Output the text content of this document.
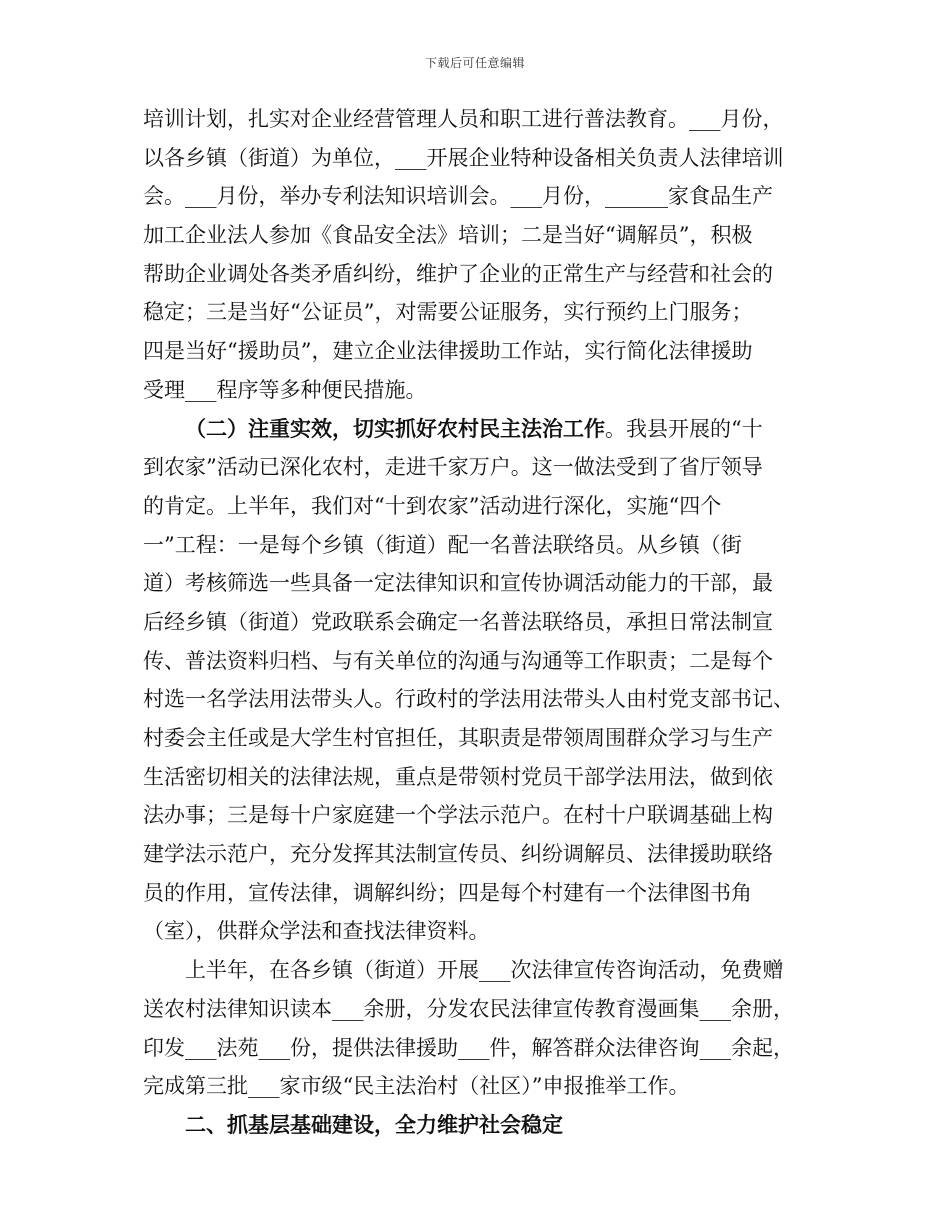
下载后可任意编辑
培训计划，扎实对企业经营管理人员和职工进行普法教育。___月份，
以各乡镇（街道）为单位，___开展企业特种设备相关负责人法律培训
会。___月份，举办专利法知识培训会。___月份，______家食品生产
加工企业法人参加《食品安全法》培训；二是当好“调解员”，积极
帮助企业调处各类矛盾纠纷，维护了企业的正常生产与经营和社会的
稳定；三是当好“公证员”，对需要公证服务，实行预约上门服务；
四是当好“援助员”，建立企业法律援助工作站，实行简化法律援助
受理___程序等多种便民措施。
（二）注重实效，切实抓好农村民主法治工作。我县开展的“十
到农家”活动已深化农村，走进千家万户。这一做法受到了省厅领导
的肯定。上半年，我们对“十到农家”活动进行深化，实施“四个
一”工程：一是每个乡镇（街道）配一名普法联络员。从乡镇（街
道）考核筛选一些具备一定法律知识和宣传协调活动能力的干部，最
后经乡镇（街道）党政联系会确定一名普法联络员，承担日常法制宣
传、普法资料归档、与有关单位的沟通与沟通等工作职责；二是每个
村选一名学法用法带头人。行政村的学法用法带头人由村党支部书记、
村委会主任或是大学生村官担任，其职责是带领周围群众学习与生产
生活密切相关的法律法规，重点是带领村党员干部学法用法，做到依
法办事；三是每十户家庭建一个学法示范户。在村十户联调基础上构
建学法示范户，充分发挥其法制宣传员、纠纷调解员、法律援助联络
员的作用，宣传法律，调解纠纷；四是每个村建有一个法律图书角
（室），供群众学法和查找法律资料。
上半年，在各乡镇（街道）开展___次法律宣传咨询活动，免费赠
送农村法律知识读本___余册，分发农民法律宣传教育漫画集___余册，
印发___法苑___份，提供法律援助___件，解答群众法律咨询___余起，
完成第三批___家市级“民主法治村（社区）”申报推举工作。
二、抓基层基础建设，全力维护社会稳定
